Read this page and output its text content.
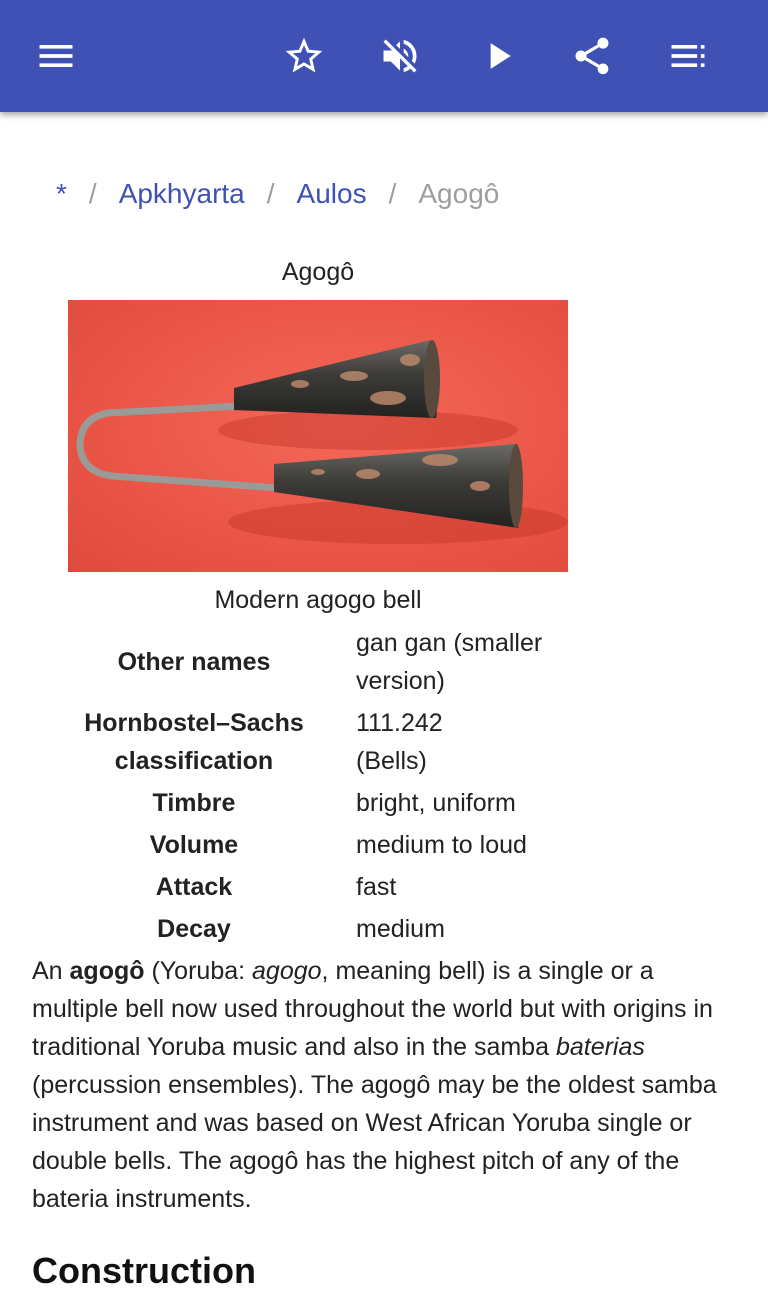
* / Apkhyarta / Aulos / Agogô
Agogô
Modern agogo bell
Other names	gan gan (smaller
version)
Hornbostel–Sachs
classification	111.242
(Bells)
Timbre	bright, uniform
Volume	medium to loud
Attack	fast
Decay	medium
An agogô (Yoruba: agogo, meaning bell) is a single or a multiple bell now used throughout the world but with origins in traditional Yoruba music and also in the samba baterias (percussion ensembles). The agogô may be the oldest samba instrument and was based on West African Yoruba single or double bells. The agogô has the highest pitch of any of the bateria instruments.
Construction
